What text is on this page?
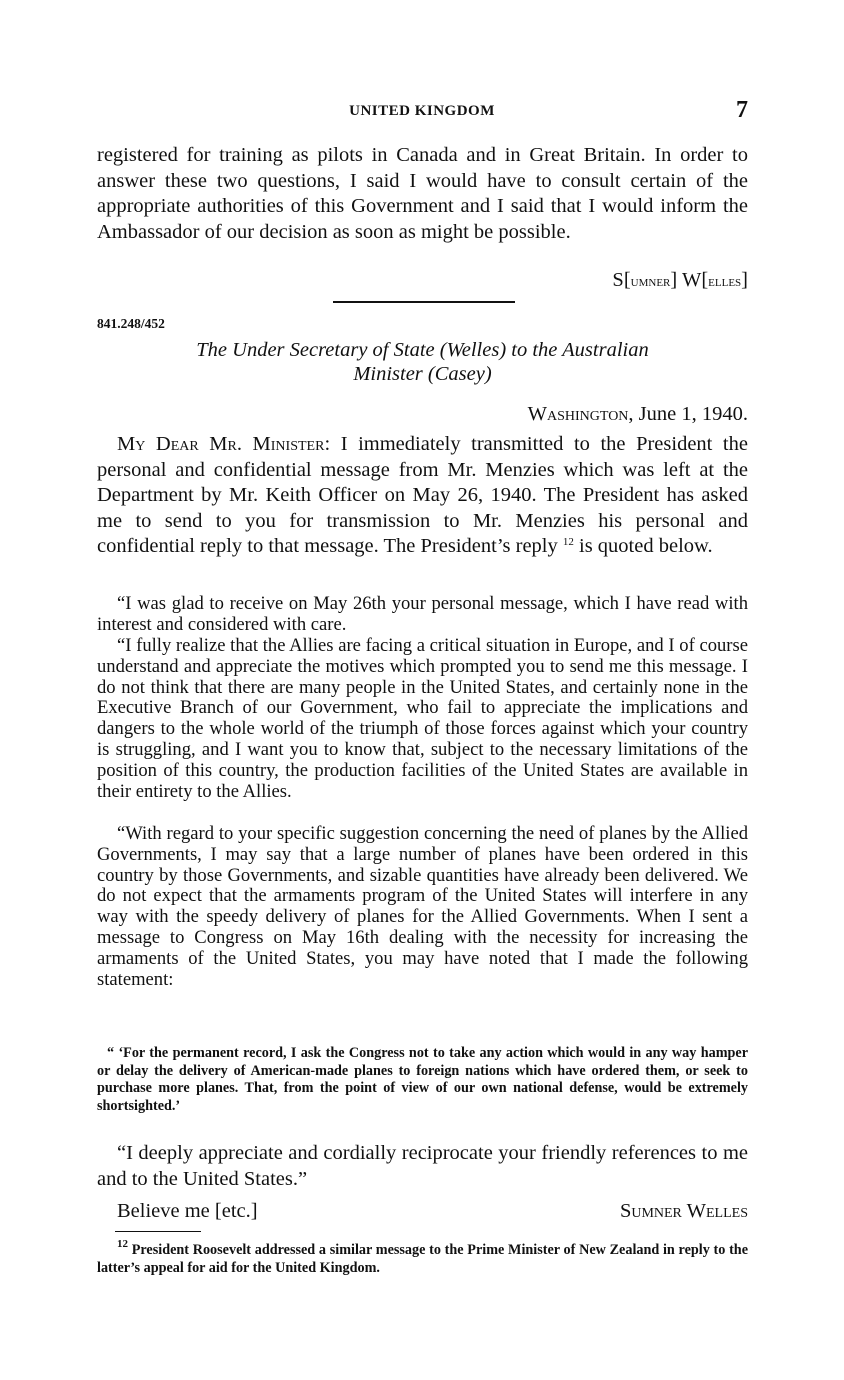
UNITED KINGDOM	7
registered for training as pilots in Canada and in Great Britain. In order to answer these two questions, I said I would have to consult certain of the appropriate authorities of this Government and I said that I would inform the Ambassador of our decision as soon as might be possible.
S[umner] W[elles]
841.248/452
The Under Secretary of State (Welles) to the Australian
Minister (Casey)
Washington, June 1, 1940.
My Dear Mr. Minister: I immediately transmitted to the President the personal and confidential message from Mr. Menzies which was left at the Department by Mr. Keith Officer on May 26, 1940. The President has asked me to send to you for transmission to Mr. Menzies his personal and confidential reply to that message. The President’s reply $^{12}$ is quoted below.
“I was glad to receive on May 26th your personal message, which I have read with interest and considered with care.
“I fully realize that the Allies are facing a critical situation in Europe, and I of course understand and appreciate the motives which prompted you to send me this message. I do not think that there are many people in the United States, and certainly none in the Executive Branch of our Government, who fail to appreciate the implications and dangers to the whole world of the triumph of those forces against which your country is struggling, and I want you to know that, subject to the necessary limitations of the position of this country, the production facilities of the United States are available in their entirety to the Allies.
“With regard to your specific suggestion concerning the need of planes by the Allied Governments, I may say that a large number of planes have been ordered in this country by those Governments, and sizable quantities have already been delivered. We do not expect that the armaments program of the United States will interfere in any way with the speedy delivery of planes for the Allied Governments. When I sent a message to Congress on May 16th dealing with the necessity for increasing the armaments of the United States, you may have noted that I made the following statement:
“ ‘For the permanent record, I ask the Congress not to take any action which would in any way hamper or delay the delivery of American-made planes to foreign nations which have ordered them, or seek to purchase more planes. That, from the point of view of our own national defense, would be extremely shortsighted.’
“I deeply appreciate and cordially reciprocate your friendly references to me and to the United States.”
Believe me [etc.]	Sumner Welles
$^{12}$ President Roosevelt addressed a similar message to the Prime Minister of New Zealand in reply to the latter’s appeal for aid for the United Kingdom.
